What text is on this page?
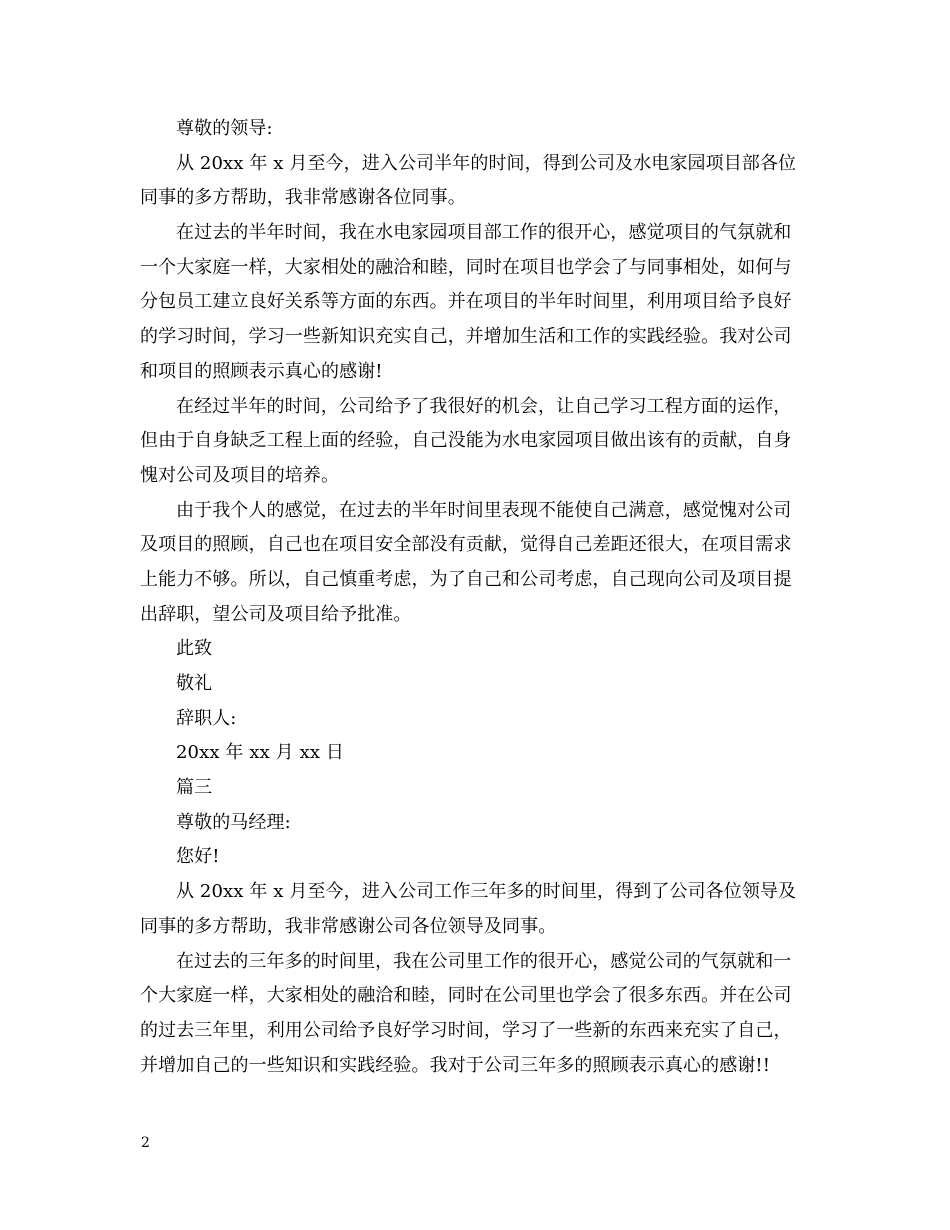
尊敬的领导:
从 20xx 年 x 月至今，进入公司半年的时间，得到公司及水电家园项目部各位
同事的多方帮助，我非常感谢各位同事。
在过去的半年时间，我在水电家园项目部工作的很开心，感觉项目的气氛就和
一个大家庭一样，大家相处的融洽和睦，同时在项目也学会了与同事相处，如何与
分包员工建立良好关系等方面的东西。并在项目的半年时间里，利用项目给予良好
的学习时间，学习一些新知识充实自己，并增加生活和工作的实践经验。我对公司
和项目的照顾表示真心的感谢!
在经过半年的时间，公司给予了我很好的机会，让自己学习工程方面的运作，
但由于自身缺乏工程上面的经验，自己没能为水电家园项目做出该有的贡献，自身
愧对公司及项目的培养。
由于我个人的感觉，在过去的半年时间里表现不能使自己满意，感觉愧对公司
及项目的照顾，自己也在项目安全部没有贡献，觉得自己差距还很大，在项目需求
上能力不够。所以，自己慎重考虑，为了自己和公司考虑，自己现向公司及项目提
出辞职，望公司及项目给予批准。
此致
敬礼
辞职人:
20xx 年 xx 月 xx 日
篇三
尊敬的马经理:
您好!
从 20xx 年 x 月至今，进入公司工作三年多的时间里，得到了公司各位领导及
同事的多方帮助，我非常感谢公司各位领导及同事。
在过去的三年多的时间里，我在公司里工作的很开心，感觉公司的气氛就和一
个大家庭一样，大家相处的融洽和睦，同时在公司里也学会了很多东西。并在公司
的过去三年里，利用公司给予良好学习时间，学习了一些新的东西来充实了自己，
并增加自己的一些知识和实践经验。我对于公司三年多的照顾表示真心的感谢!!
2
